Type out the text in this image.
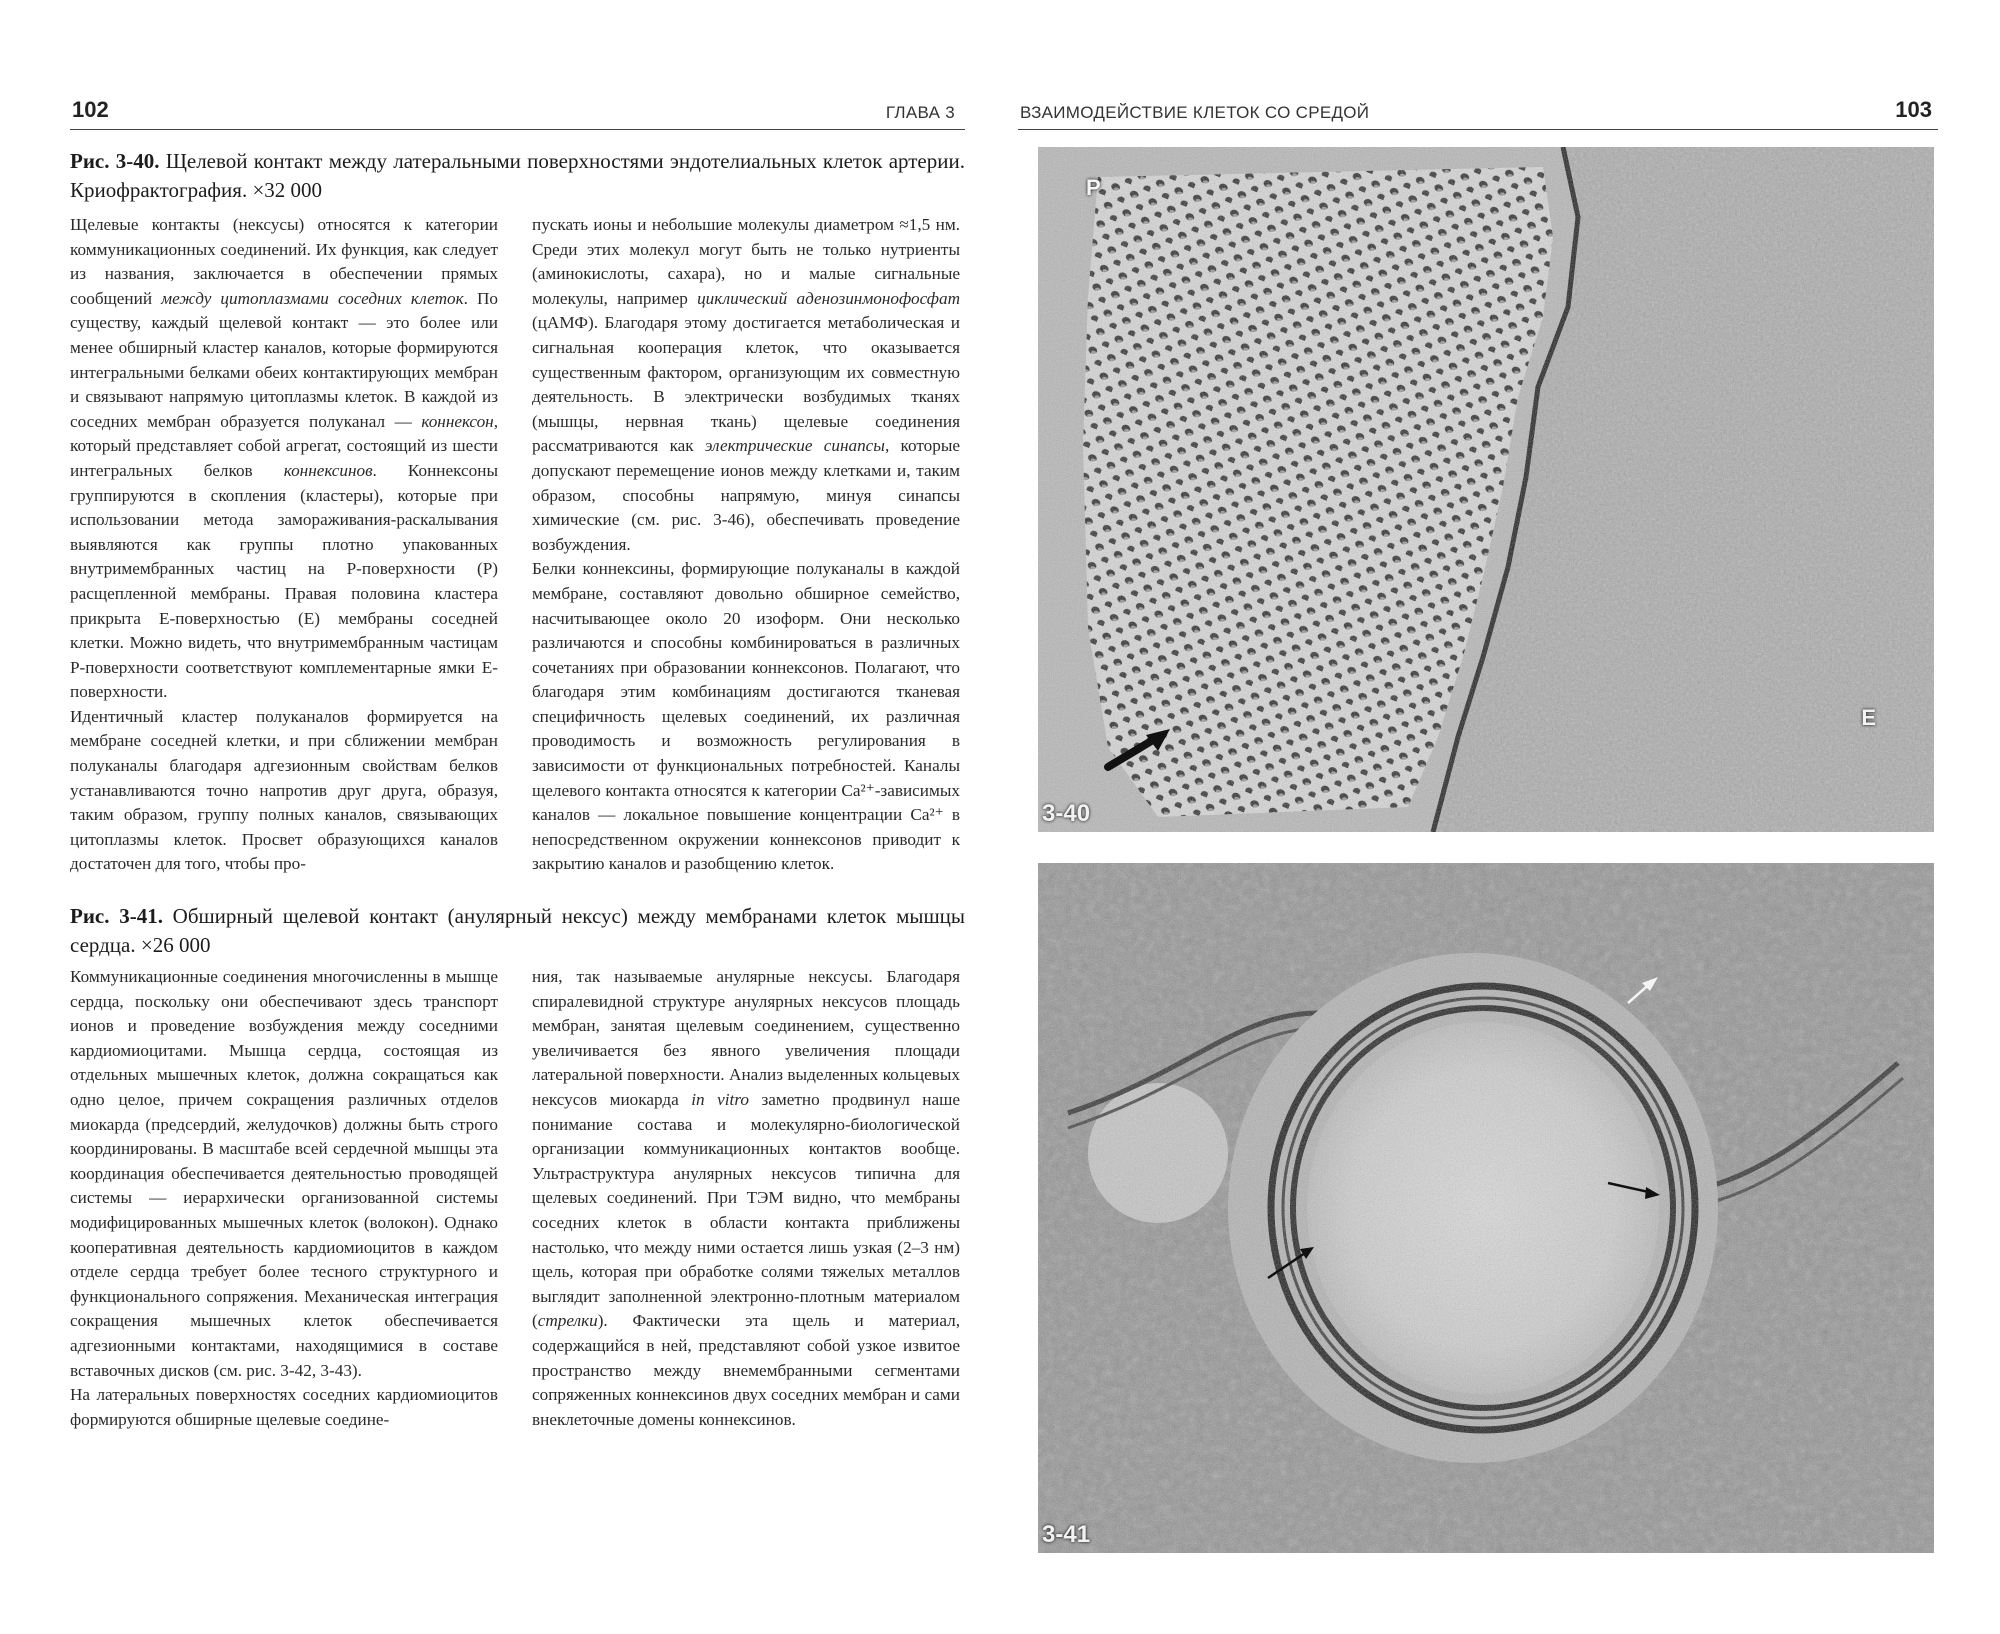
102	ГЛАВА 3
Рис. 3-40. Щелевой контакт между латеральными поверхностями эндотелиальных клеток артерии. Криофрактография. ×32 000

Щелевые контакты (нексусы) относятся к категории коммуникационных соединений. Их функция, как следует из названия, заключается в обеспечении прямых сообщений между цитоплазмами соседних клеток. По существу, каждый щелевой контакт — это более или менее обширный кластер каналов, которые формируются интегральными белками обеих контактирующих мембран и связывают напрямую цитоплазмы клеток. В каждой из соседних мембран образуется полуканал — коннексон, который представляет собой агрегат, состоящий из шести интегральных белков коннексинов. Коннексоны группируются в скопления (кластеры), которые при использовании метода замораживания-раскалывания выявляются как группы плотно упакованных внутримембранных частиц на Р-поверхности (Р) расщепленной мембраны. Правая половина кластера прикрыта Е-поверхностью (Е) мембраны соседней клетки. Можно видеть, что внутримембранным частицам Р-поверхности соответствуют комплементарные ямки Е-поверхности.

Идентичный кластер полуканалов формируется на мембране соседней клетки, и при сближении мембран полуканалы благодаря адгезионным свойствам белков устанавливаются точно напротив друг друга, образуя, таким образом, группу полных каналов, связывающих цитоплазмы клеток. Просвет образующихся каналов достаточен для того, чтобы про-

пускать ионы и небольшие молекулы диаметром ≈1,5 нм. Среди этих молекул могут быть не только нутриенты (аминокислоты, сахара), но и малые сигнальные молекулы, например циклический аденозинмонофосфат (цАМФ). Благодаря этому достигается метаболическая и сигнальная кооперация клеток, что оказывается существенным фактором, организующим их совместную деятельность. В электрически возбудимых тканях (мышцы, нервная ткань) щелевые соединения рассматриваются как электрические синапсы, которые допускают перемещение ионов между клетками и, таким образом, способны напрямую, минуя синапсы химические (см. рис. 3-46), обеспечивать проведение возбуждения.

Белки коннексины, формирующие полуканалы в каждой мембране, составляют довольно обширное семейство, насчитывающее около 20 изоформ. Они несколько различаются и способны комбинироваться в различных сочетаниях при образовании коннексонов. Полагают, что благодаря этим комбинациям достигаются тканевая специфичность щелевых соединений, их различная проводимость и возможность регулирования в зависимости от функциональных потребностей. Каналы щелевого контакта относятся к категории Са²⁺-зависимых каналов — локальное повышение концентрации Са²⁺ в непосредственном окружении коннексонов приводит к закрытию каналов и разобщению клеток.

Рис. 3-41. Обширный щелевой контакт (анулярный нексус) между мембранами клеток мышцы сердца. ×26 000

Коммуникационные соединения многочисленны в мышце сердца, поскольку они обеспечивают здесь транспорт ионов и проведение возбуждения между соседними кардиомиоцитами. Мышца сердца, состоящая из отдельных мышечных клеток, должна сокращаться как одно целое, причем сокращения различных отделов миокарда (предсердий, желудочков) должны быть строго координированы. В масштабе всей сердечной мышцы эта координация обеспечивается деятельностью проводящей системы — иерархически организованной системы модифицированных мышечных клеток (волокон). Однако кооперативная деятельность кардиомиоцитов в каждом отделе сердца требует более тесного структурного и функционального сопряжения. Механическая интеграция сокращения мышечных клеток обеспечивается адгезионными контактами, находящимися в составе вставочных дисков (см. рис. 3-42, 3-43).

На латеральных поверхностях соседних кардиомиоцитов формируются обширные щелевые соедине-

ния, так называемые анулярные нексусы. Благодаря спиралевидной структуре анулярных нексусов площадь мембран, занятая щелевым соединением, существенно увеличивается без явного увеличения площади латеральной поверхности. Анализ выделенных кольцевых нексусов миокарда in vitro заметно продвинул наше понимание состава и молекулярно-биологической организации коммуникационных контактов вообще. Ультраструктура анулярных нексусов типична для щелевых соединений. При ТЭМ видно, что мембраны соседних клеток в области контакта приближены настолько, что между ними остается лишь узкая (2–3 нм) щель, которая при обработке солями тяжелых металлов выглядит заполненной электронно-плотным материалом (стрелки). Фактически эта щель и материал, содержащийся в ней, представляют собой узкое извитое пространство между внемембранными сегментами сопряженных коннексинов двух соседних мембран и сами внеклеточные домены коннексинов.

ВЗАИМОДЕЙСТВИЕ КЛЕТОК СО СРЕДОЙ	103
P
E
3-40
3-41
